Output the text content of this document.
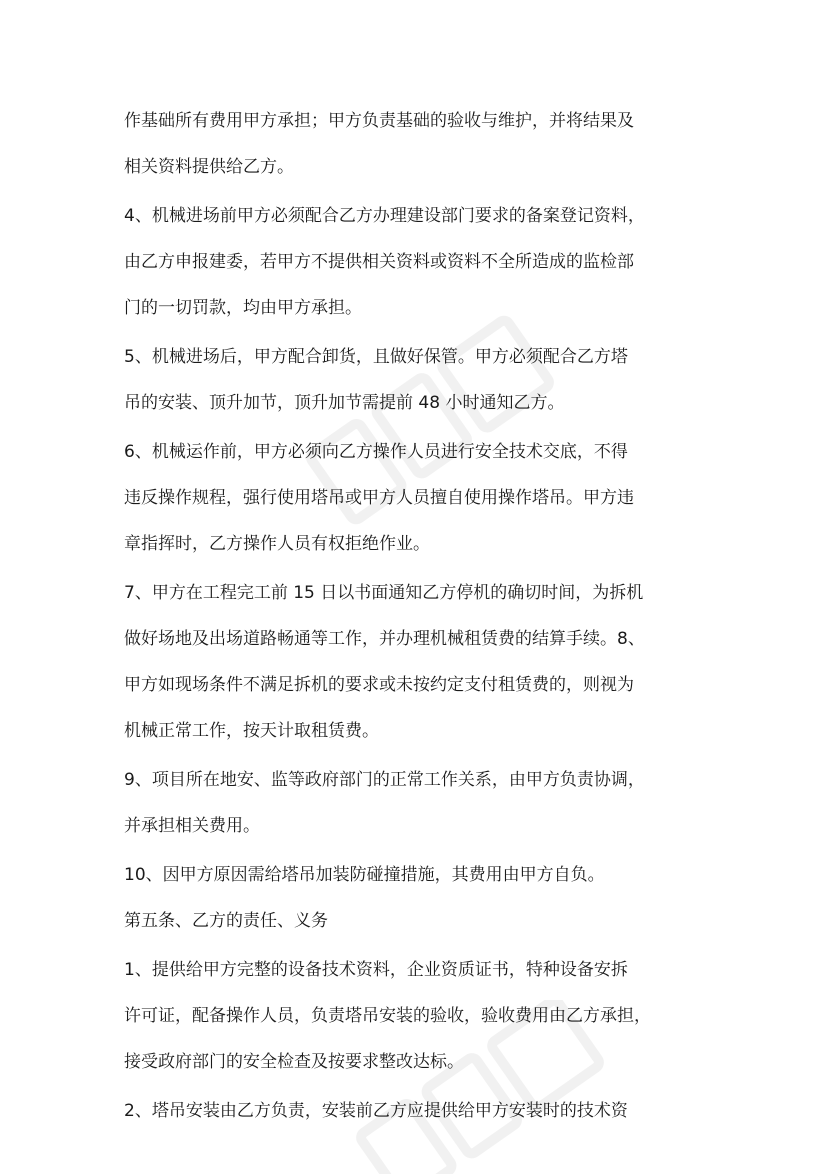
作基础所有费用甲方承担；甲方负责基础的验收与维护，并将结果及
相关资料提供给乙方。
4、机械进场前甲方必须配合乙方办理建设部门要求的备案登记资料，
由乙方申报建委，若甲方不提供相关资料或资料不全所造成的监检部
门的一切罚款，均由甲方承担。
5、机械进场后，甲方配合卸货，且做好保管。甲方必须配合乙方塔
吊的安装、顶升加节，顶升加节需提前 48 小时通知乙方。
6、机械运作前，甲方必须向乙方操作人员进行安全技术交底，不得
违反操作规程，强行使用塔吊或甲方人员擅自使用操作塔吊。甲方违
章指挥时，乙方操作人员有权拒绝作业。
7、甲方在工程完工前 15 日以书面通知乙方停机的确切时间，为拆机
做好场地及出场道路畅通等工作，并办理机械租赁费的结算手续。8、
甲方如现场条件不满足拆机的要求或未按约定支付租赁费的，则视为
机械正常工作，按天计取租赁费。
9、项目所在地安、监等政府部门的正常工作关系，由甲方负责协调，
并承担相关费用。
10、因甲方原因需给塔吊加装防碰撞措施，其费用由甲方自负。
第五条、乙方的责任、义务
1、提供给甲方完整的设备技术资料，企业资质证书，特种设备安拆
许可证，配备操作人员，负责塔吊安装的验收，验收费用由乙方承担，
接受政府部门的安全检查及按要求整改达标。
2、塔吊安装由乙方负责，安装前乙方应提供给甲方安装时的技术资
